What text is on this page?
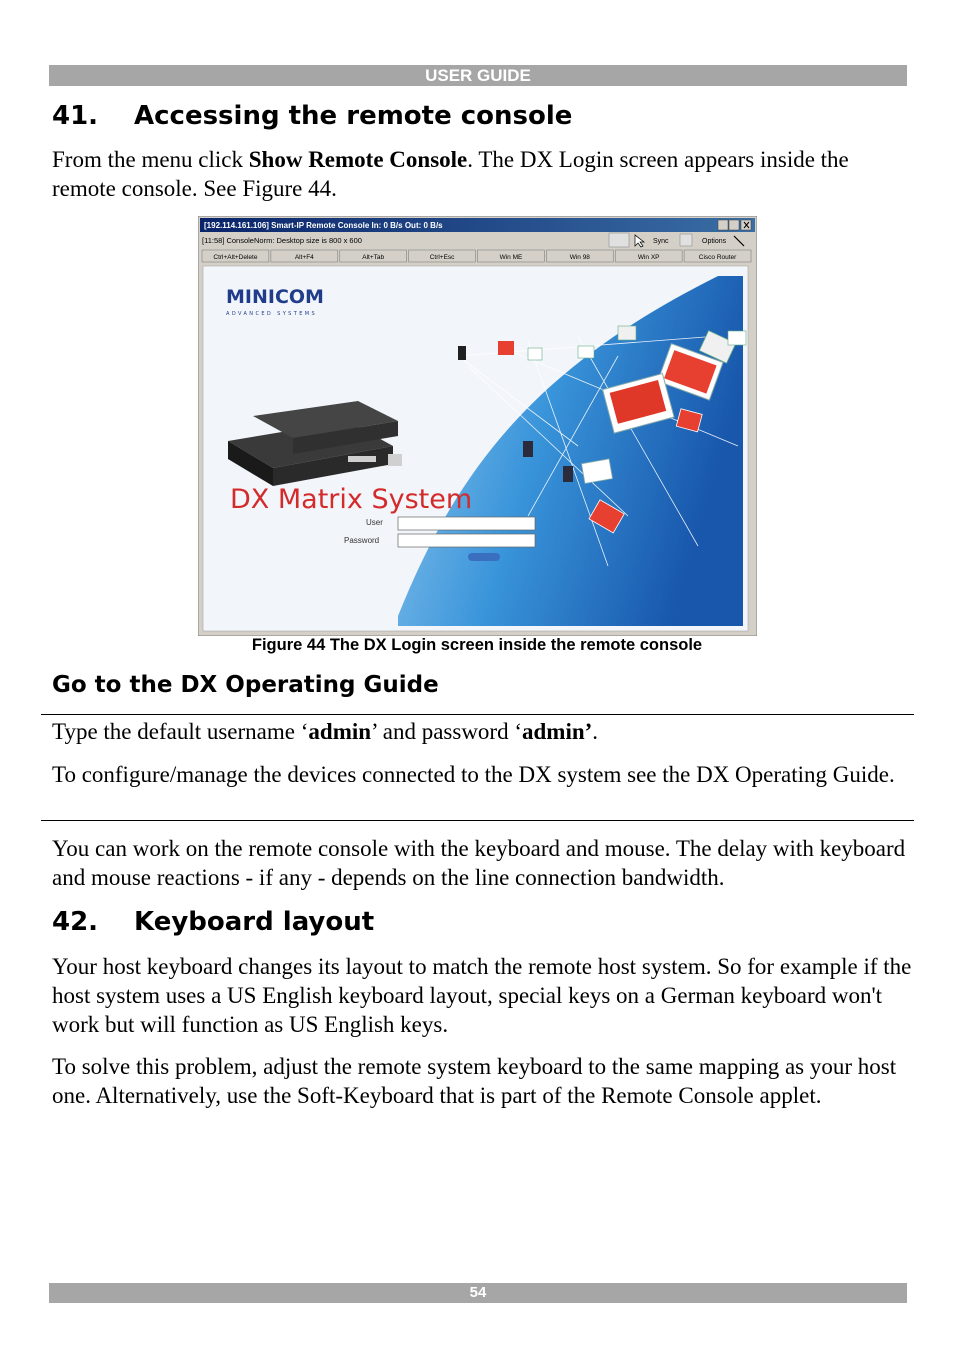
USER GUIDE
41. Accessing the remote console
From the menu click Show Remote Console. The DX Login screen appears inside the remote console. See Figure 44.
[192.114.161.106] Smart-IP Remote Console In: 0 B/s Out: 0 B/s
[11:58] ConsoleNorm: Desktop size is 800 x 600	Sync	Options
Ctrl+Alt+Delete	Alt+F4	Alt+Tab	Ctrl+Esc	Win ME	Win 98	Win XP	Cisco Router
MINICOM
ADVANCED SYSTEMS
DX Matrix System
User
Password
Figure 44 The DX Login screen inside the remote console
Go to the DX Operating Guide
Type the default username ‘admin’ and password ‘admin’.
To configure/manage the devices connected to the DX system see the DX Operating Guide.
You can work on the remote console with the keyboard and mouse. The delay with keyboard and mouse reactions - if any - depends on the line connection bandwidth.
42. Keyboard layout
Your host keyboard changes its layout to match the remote host system. So for example if the host system uses a US English keyboard layout, special keys on a German keyboard won't work but will function as US English keys.
To solve this problem, adjust the remote system keyboard to the same mapping as your host one. Alternatively, use the Soft-Keyboard that is part of the Remote Console applet.
54
